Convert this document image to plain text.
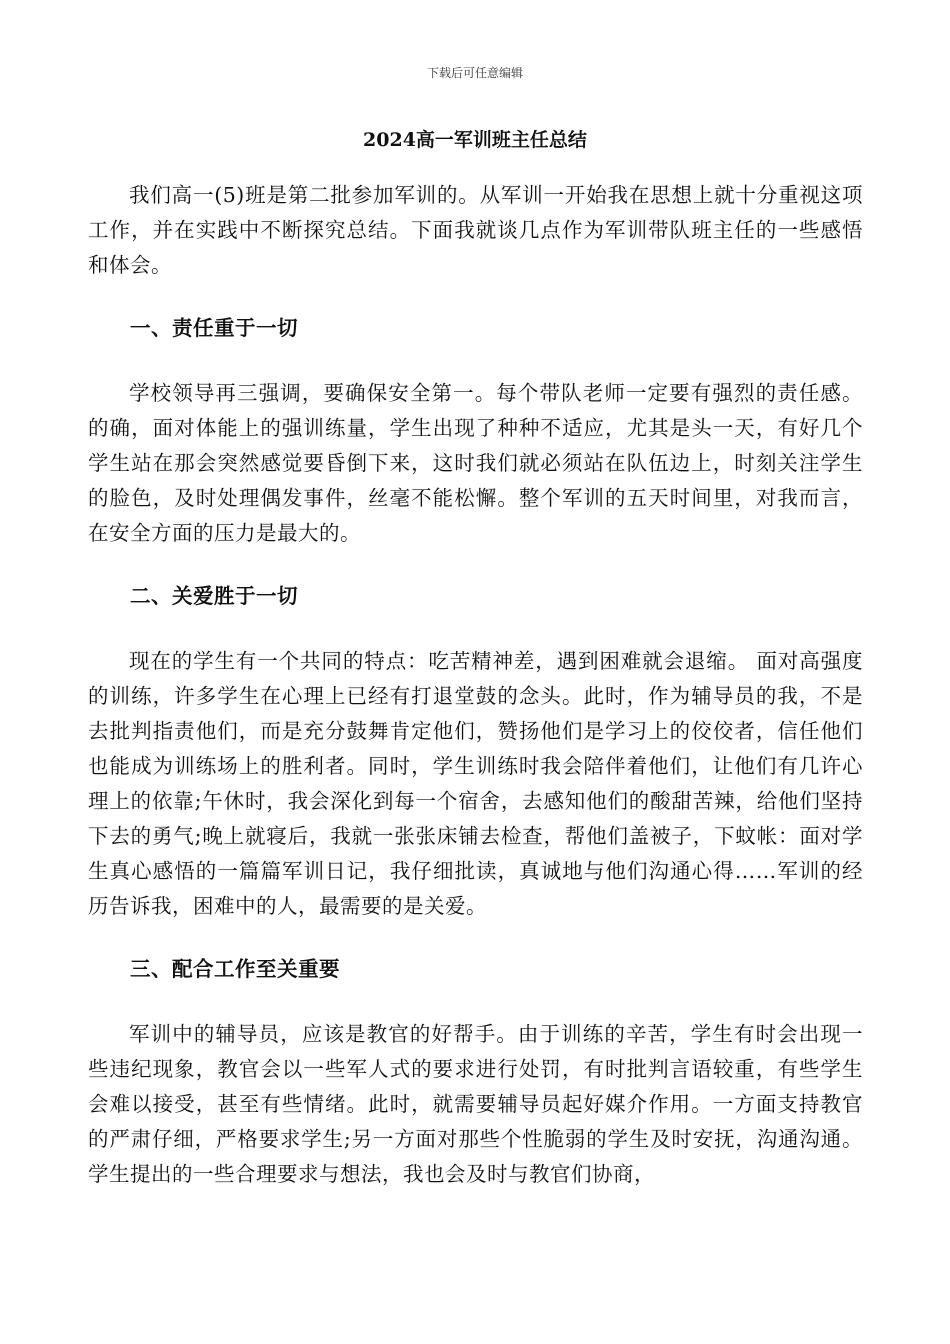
下载后可任意编辑
2024高一军训班主任总结

我们高一(5)班是第二批参加军训的。从军训一开始我在思想上就十分重视这项工作，并在实践中不断探究总结。下面我就谈几点作为军训带队班主任的一些感悟和体会。

一、责任重于一切

学校领导再三强调，要确保安全第一。每个带队老师一定要有强烈的责任感。的确，面对体能上的强训练量，学生出现了种种不适应，尤其是头一天，有好几个学生站在那会突然感觉要昏倒下来，这时我们就必须站在队伍边上，时刻关注学生的脸色，及时处理偶发事件，丝毫不能松懈。整个军训的五天时间里，对我而言，在安全方面的压力是最大的。

二、关爱胜于一切

现在的学生有一个共同的特点：吃苦精神差，遇到困难就会退缩。 面对高强度的训练，许多学生在心理上已经有打退堂鼓的念头。此时，作为辅导员的我，不是去批判指责他们，而是充分鼓舞肯定他们，赞扬他们是学习上的佼佼者，信任他们也能成为训练场上的胜利者。同时，学生训练时我会陪伴着他们，让他们有几许心理上的依靠;午休时，我会深化到每一个宿舍，去感知他们的酸甜苦辣，给他们坚持下去的勇气;晚上就寝后，我就一张张床铺去检查，帮他们盖被子，下蚊帐：面对学生真心感悟的一篇篇军训日记，我仔细批读，真诚地与他们沟通心得……军训的经历告诉我，困难中的人，最需要的是关爱。

三、配合工作至关重要

军训中的辅导员，应该是教官的好帮手。由于训练的辛苦，学生有时会出现一些违纪现象，教官会以一些军人式的要求进行处罚，有时批判言语较重，有些学生会难以接受，甚至有些情绪。此时，就需要辅导员起好媒介作用。一方面支持教官的严肃仔细，严格要求学生;另一方面对那些个性脆弱的学生及时安抚，沟通沟通。学生提出的一些合理要求与想法，我也会及时与教官们协商，
